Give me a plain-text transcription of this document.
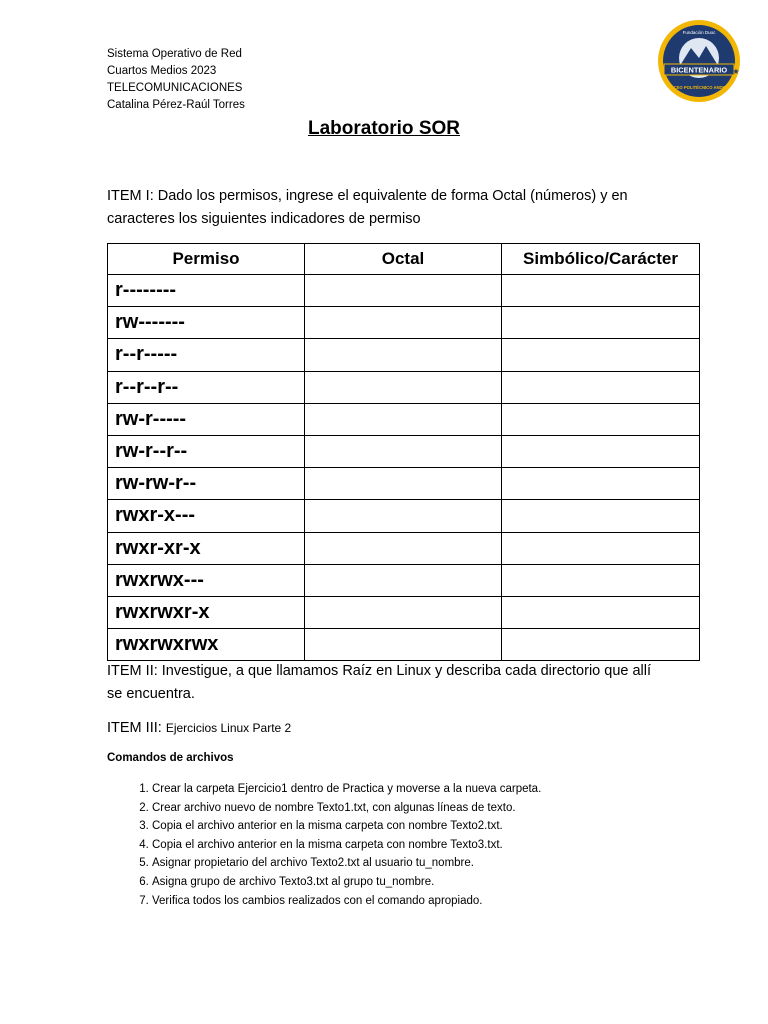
Sistema Operativo de Red
Cuartos Medios 2023
TELECOMUNICACIONES
Catalina Pérez-Raúl Torres
BICENTENARIO
Fundación Duoc
LICEO POLITÉCNICO ANDES
★
Laboratorio SOR
ITEM I: Dado los permisos, ingrese el equivalente de forma Octal (números) y en caracteres los siguientes indicadores de permiso
Permiso	Octal	Simbólico/Carácter
r--------		
rw-------		
r--r-----		
r--r--r--		
rw-r-----		
rw-r--r--		
rw-rw-r--		
rwxr-x---		
rwxr-xr-x		
rwxrwx---		
rwxrwxr-x		
rwxrwxrwx		
ITEM II: Investigue, a que llamamos Raíz en Linux y describa cada directorio que allí se encuentra.
ITEM III: Ejercicios Linux Parte 2
Comandos de archivos
1. Crear la carpeta Ejercicio1 dentro de Practica y moverse a la nueva carpeta.
2. Crear archivo nuevo de nombre Texto1.txt, con algunas líneas de texto.
3. Copia el archivo anterior en la misma carpeta con nombre Texto2.txt.
4. Copia el archivo anterior en la misma carpeta con nombre Texto3.txt.
5. Asignar propietario del archivo Texto2.txt al usuario tu_nombre.
6. Asigna grupo de archivo Texto3.txt al grupo tu_nombre.
7. Verifica todos los cambios realizados con el comando apropiado.
